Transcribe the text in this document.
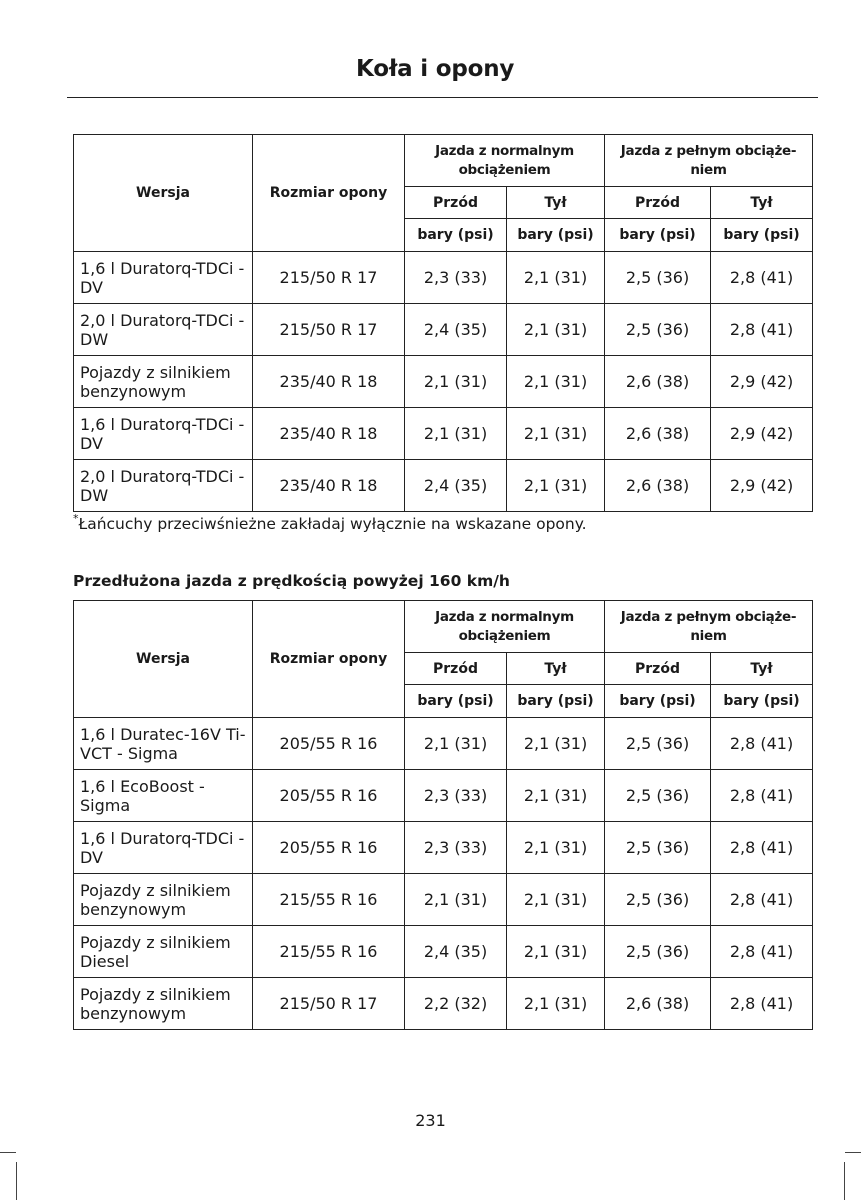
Koła i opony
Wersja	Rozmiar opony	Jazda z normalnym obciążeniem		Jazda z pełnym obciąże-niem	
		Przód	Tył	Przód	Tył
		bary (psi)	bary (psi)	bary (psi)	bary (psi)
1,6 l Duratorq-TDCi - DV	215/50 R 17	2,3 (33)	2,1 (31)	2,5 (36)	2,8 (41)
2,0 l Duratorq-TDCi - DW	215/50 R 17	2,4 (35)	2,1 (31)	2,5 (36)	2,8 (41)
Pojazdy z silnikiem benzynowym	235/40 R 18	2,1 (31)	2,1 (31)	2,6 (38)	2,9 (42)
1,6 l Duratorq-TDCi - DV	235/40 R 18	2,1 (31)	2,1 (31)	2,6 (38)	2,9 (42)
2,0 l Duratorq-TDCi - DW	235/40 R 18	2,4 (35)	2,1 (31)	2,6 (38)	2,9 (42)
*Łańcuchy przeciwśnieżne zakładaj wyłącznie na wskazane opony.
Przedłużona jazda z prędkością powyżej 160 km/h
Wersja	Rozmiar opony	Jazda z normalnym obciążeniem		Jazda z pełnym obciąże-niem	
		Przód	Tył	Przód	Tył
		bary (psi)	bary (psi)	bary (psi)	bary (psi)
1,6 l Duratec-16V Ti-VCT - Sigma	205/55 R 16	2,1 (31)	2,1 (31)	2,5 (36)	2,8 (41)
1,6 l EcoBoost - Sigma	205/55 R 16	2,3 (33)	2,1 (31)	2,5 (36)	2,8 (41)
1,6 l Duratorq-TDCi - DV	205/55 R 16	2,3 (33)	2,1 (31)	2,5 (36)	2,8 (41)
Pojazdy z silnikiem benzynowym	215/55 R 16	2,1 (31)	2,1 (31)	2,5 (36)	2,8 (41)
Pojazdy z silnikiem Diesel	215/55 R 16	2,4 (35)	2,1 (31)	2,5 (36)	2,8 (41)
Pojazdy z silnikiem benzynowym	215/50 R 17	2,2 (32)	2,1 (31)	2,6 (38)	2,8 (41)
231
